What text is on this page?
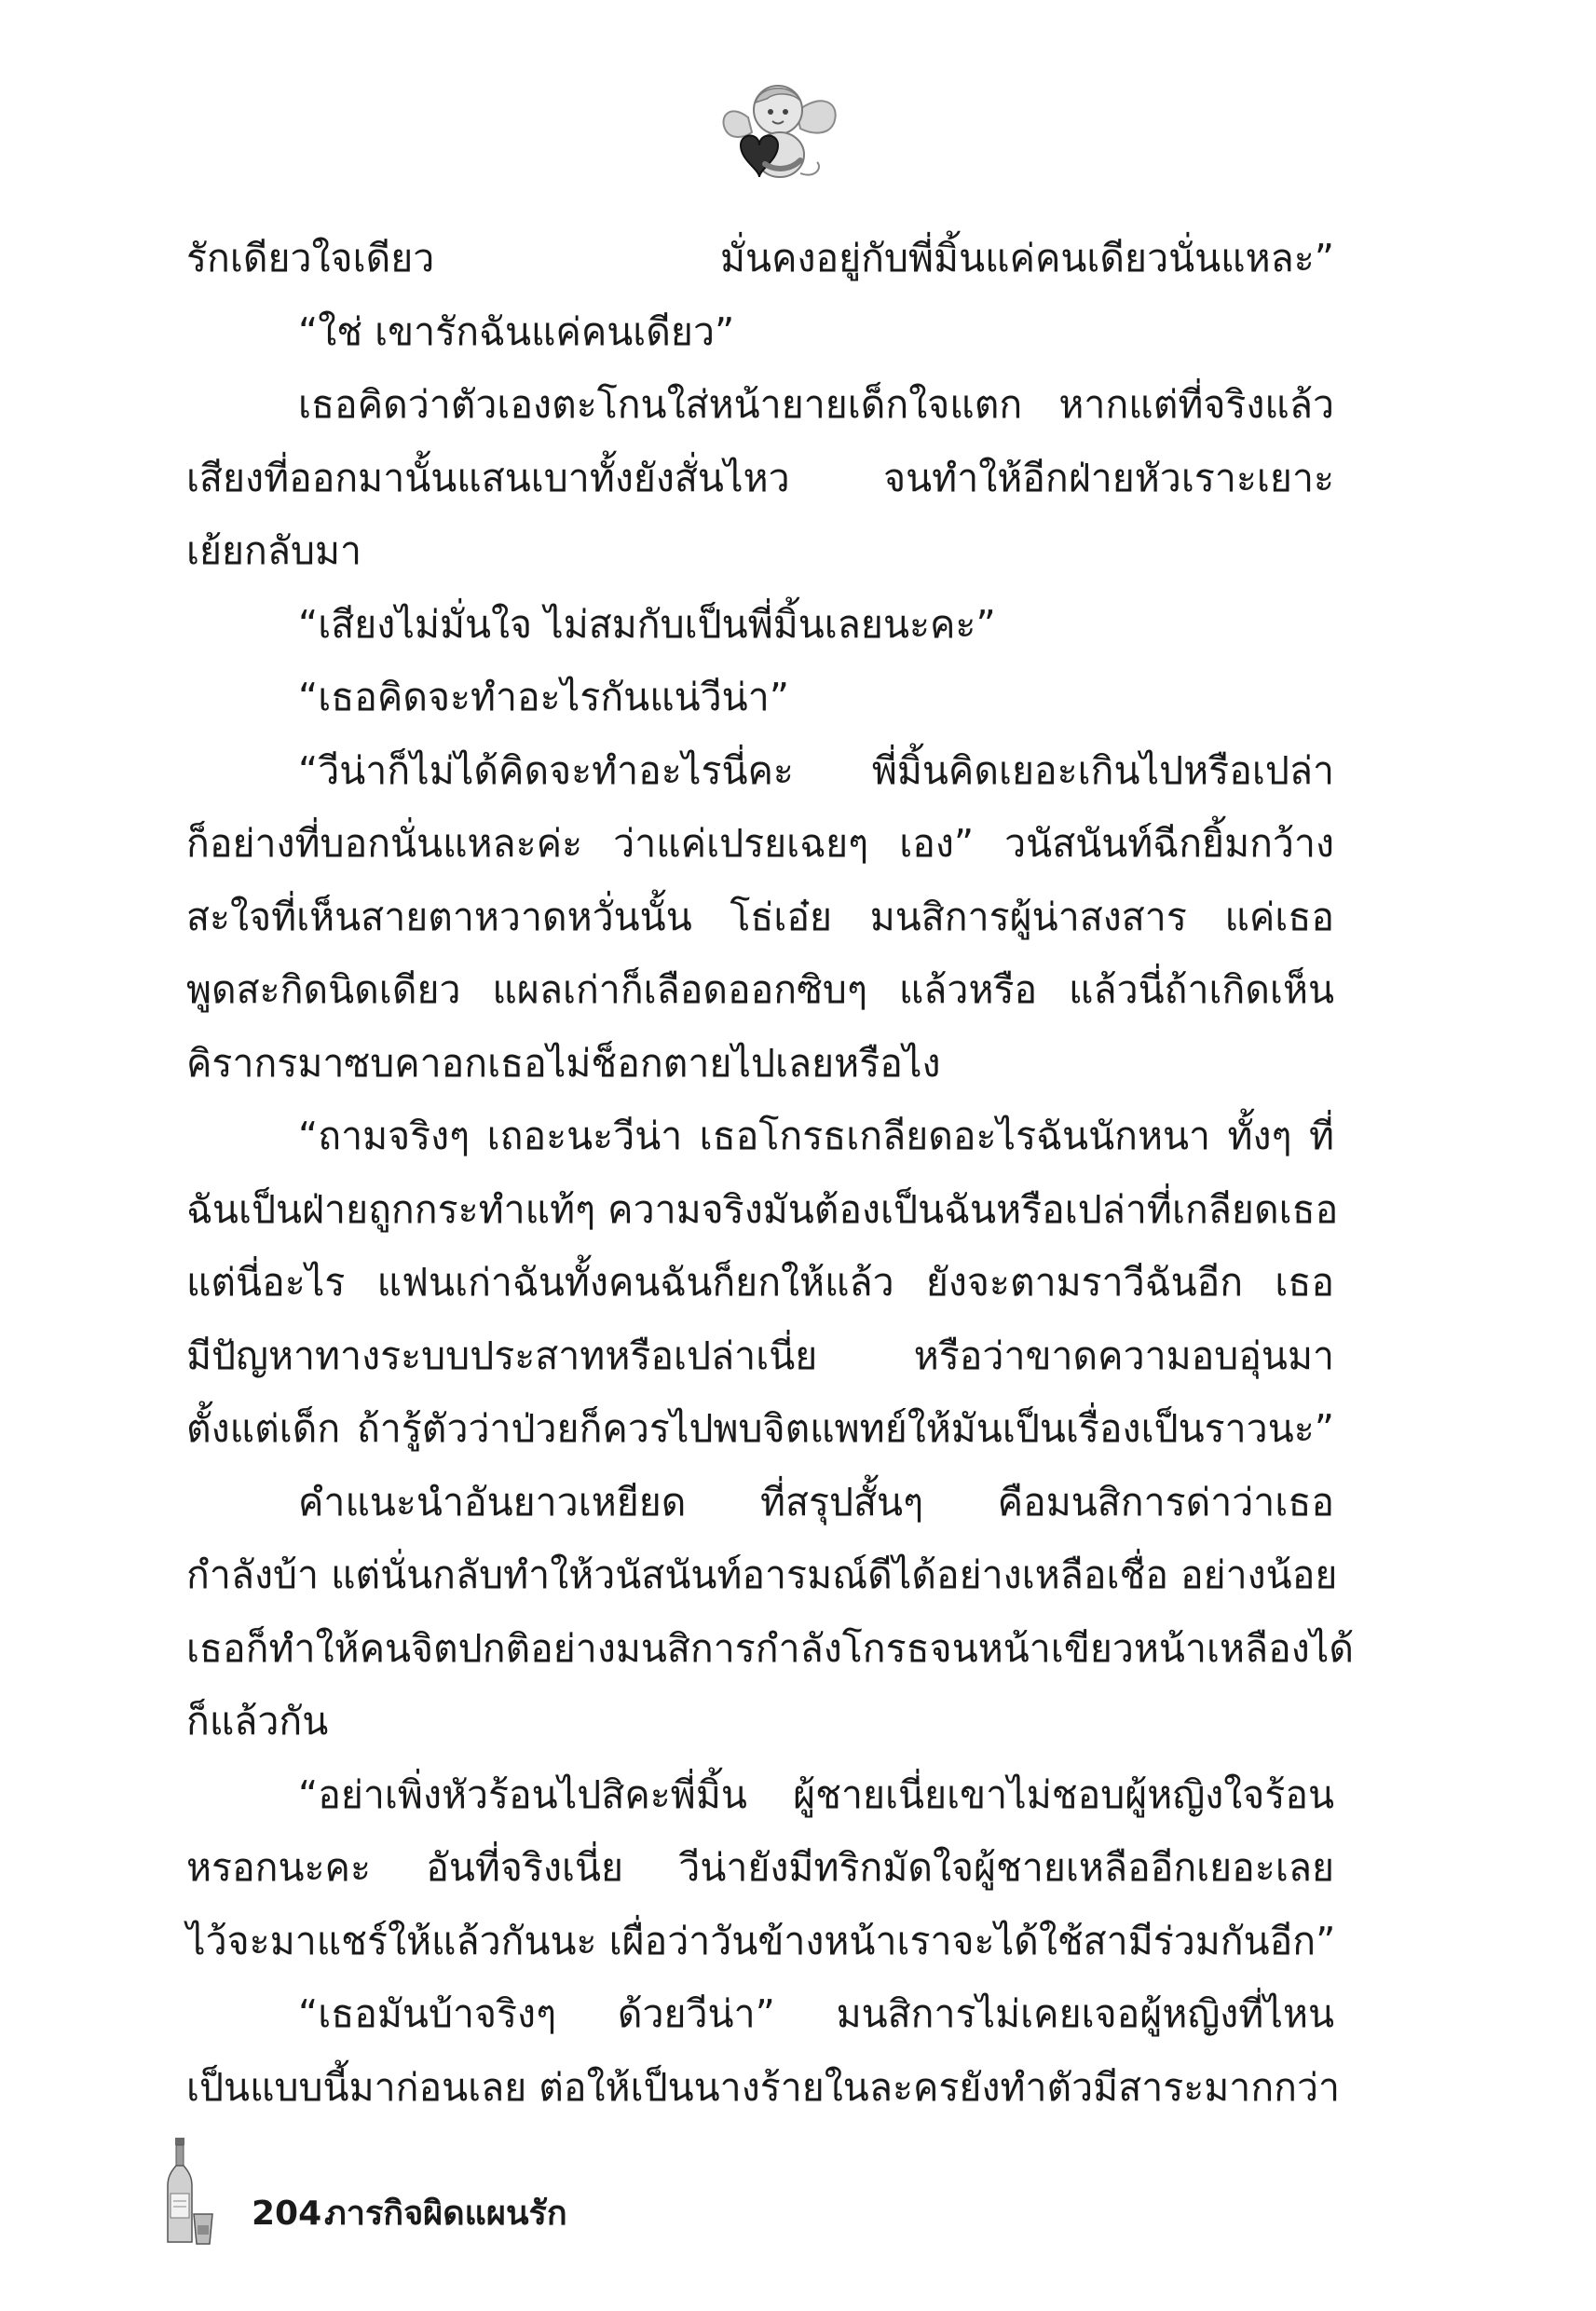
รักเดียวใจเดียว มั่นคงอยู่กับพี่มิ้นแค่คนเดียวนั่นแหละ”
“ใช่ เขารักฉันแค่คนเดียว”
เธอคิดว่าตัวเองตะโกนใส่หน้ายายเด็กใจแตก หากแต่ที่จริงแล้ว
เสียงที่ออกมานั้นแสนเบาทั้งยังสั่นไหว จนทำให้อีกฝ่ายหัวเราะเยาะ
เย้ยกลับมา
“เสียงไม่มั่นใจ ไม่สมกับเป็นพี่มิ้นเลยนะคะ”
“เธอคิดจะทำอะไรกันแน่วีน่า”
“วีน่าก็ไม่ได้คิดจะทำอะไรนี่คะ พี่มิ้นคิดเยอะเกินไปหรือเปล่า
ก็อย่างที่บอกนั่นแหละค่ะ ว่าแค่เปรยเฉยๆ เอง” วนัสนันท์ฉีกยิ้มกว้าง
สะใจที่เห็นสายตาหวาดหวั่นนั้น โธ่เอ๋ย มนสิการผู้น่าสงสาร แค่เธอ
พูดสะกิดนิดเดียว แผลเก่าก็เลือดออกซิบๆ แล้วหรือ แล้วนี่ถ้าเกิดเห็น
คิรากรมาซบคาอกเธอไม่ช็อกตายไปเลยหรือไง
“ถามจริงๆ เถอะนะวีน่า เธอโกรธเกลียดอะไรฉันนักหนา ทั้งๆ ที่
ฉันเป็นฝ่ายถูกกระทำแท้ๆ ความจริงมันต้องเป็นฉันหรือเปล่าที่เกลียดเธอ
แต่นี่อะไร แฟนเก่าฉันทั้งคนฉันก็ยกให้แล้ว ยังจะตามราวีฉันอีก เธอ
มีปัญหาทางระบบประสาทหรือเปล่าเนี่ย หรือว่าขาดความอบอุ่นมา
ตั้งแต่เด็ก ถ้ารู้ตัวว่าป่วยก็ควรไปพบจิตแพทย์ให้มันเป็นเรื่องเป็นราวนะ”
คำแนะนำอันยาวเหยียด ที่สรุปสั้นๆ คือมนสิการด่าว่าเธอ
กำลังบ้า แต่นั่นกลับทำให้วนัสนันท์อารมณ์ดีได้อย่างเหลือเชื่อ อย่างน้อย
เธอก็ทำให้คนจิตปกติอย่างมนสิการกำลังโกรธจนหน้าเขียวหน้าเหลืองได้
ก็แล้วกัน
“อย่าเพิ่งหัวร้อนไปสิคะพี่มิ้น ผู้ชายเนี่ยเขาไม่ชอบผู้หญิงใจร้อน
หรอกนะคะ อันที่จริงเนี่ย วีน่ายังมีทริกมัดใจผู้ชายเหลืออีกเยอะเลย
ไว้จะมาแชร์ให้แล้วกันนะ เผื่อว่าวันข้างหน้าเราจะได้ใช้สามีร่วมกันอีก”
“เธอมันบ้าจริงๆ ด้วยวีน่า” มนสิการไม่เคยเจอผู้หญิงที่ไหน
เป็นแบบนี้มาก่อนเลย ต่อให้เป็นนางร้ายในละครยังทำตัวมีสาระมากกว่า
204 ภารกิจผิดแผนรัก
